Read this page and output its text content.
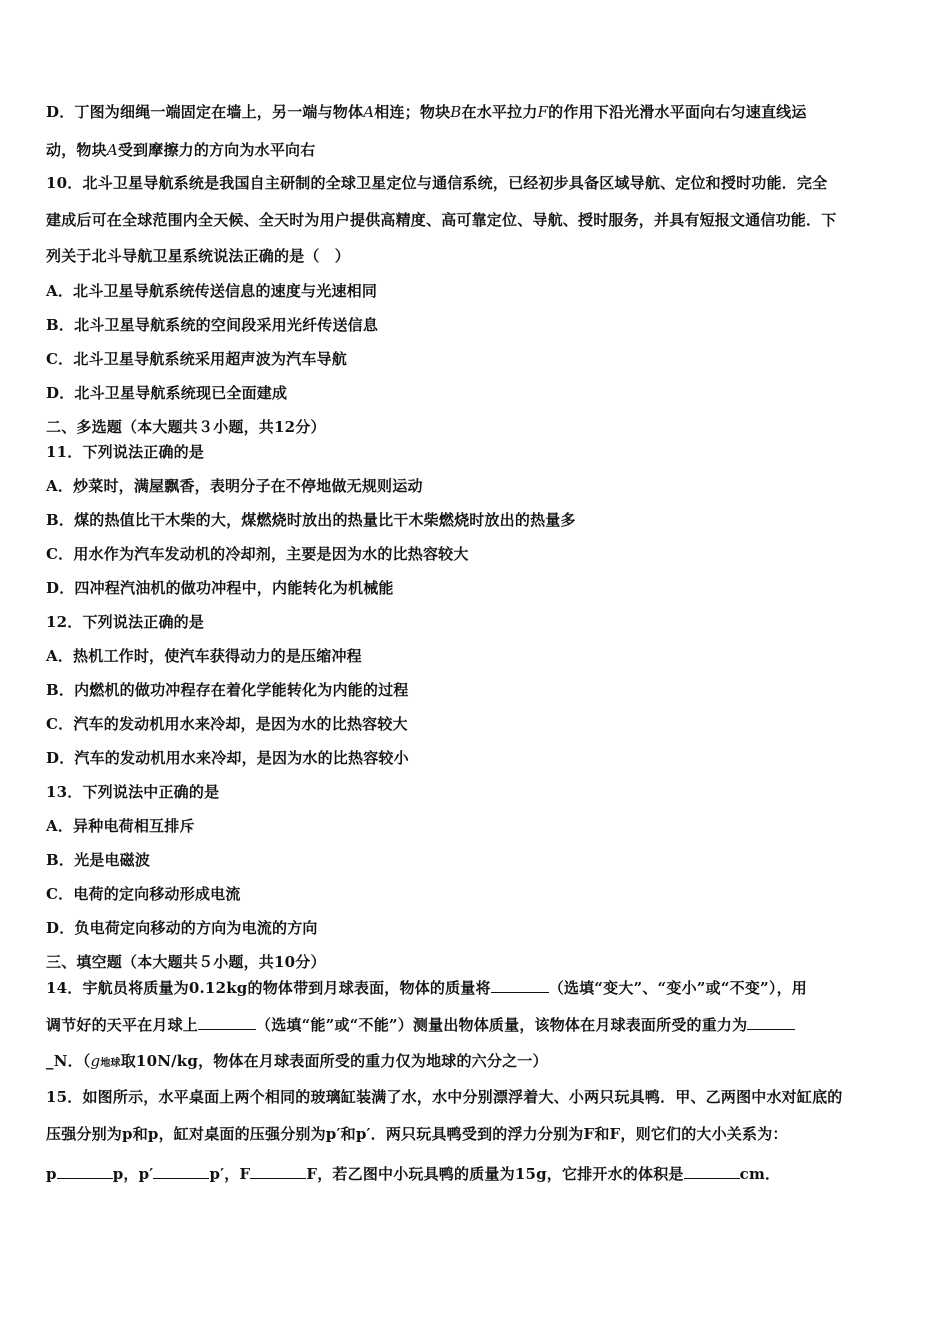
D．丁图为细绳一端固定在墙上，另一端与物体A相连；物块B在水平拉力F的作用下沿光滑水平面向右匀速直线运
动，物块A受到摩擦力的方向为水平向右
10．北斗卫星导航系统是我国自主研制的全球卫星定位与通信系统，已经初步具备区域导航、定位和授时功能．完全
建成后可在全球范围内全天候、全天时为用户提供高精度、高可靠定位、导航、授时服务，并具有短报文通信功能．下
列关于北斗导航卫星系统说法正确的是（　）
A．北斗卫星导航系统传送信息的速度与光速相同
B．北斗卫星导航系统的空间段采用光纤传送信息
C．北斗卫星导航系统采用超声波为汽车导航
D．北斗卫星导航系统现已全面建成
二、多选题（本大题共３小题，共12分）
11．下列说法正确的是
A．炒菜时，满屋飘香，表明分子在不停地做无规则运动
B．煤的热值比干木柴的大，煤燃烧时放出的热量比干木柴燃烧时放出的热量多
C．用水作为汽车发动机的冷却剂，主要是因为水的比热容较大
D．四冲程汽油机的做功冲程中，内能转化为机械能
12．下列说法正确的是
A．热机工作时，使汽车获得动力的是压缩冲程
B．内燃机的做功冲程存在着化学能转化为内能的过程
C．汽车的发动机用水来冷却，是因为水的比热容较大
D．汽车的发动机用水来冷却，是因为水的比热容较小
13．下列说法中正确的是
A．异种电荷相互排斥
B．光是电磁波
C．电荷的定向移动形成电流
D．负电荷定向移动的方向为电流的方向
三、填空题（本大题共５小题，共10分）
14．宇航员将质量为0.12kg的物体带到月球表面，物体的质量将	（选填“变大”、“变小”或“不变”），用
调节好的天平在月球上	（选填“能”或“不能”）测量出物体质量，该物体在月球表面所受的重力为
_N．（g地球取10N/kg，物体在月球表面所受的重力仅为地球的六分之一）
15．如图所示，水平桌面上两个相同的玻璃缸装满了水，水中分别漂浮着大、小两只玩具鸭．甲、乙两图中水对缸底的
压强分别为p和p，缸对桌面的压强分别为p′和p′．两只玩具鸭受到的浮力分别为F和F，则它们的大小关系为：
p	p，p′	p′，F	F，若乙图中小玩具鸭的质量为15g，它排开水的体积是	cm．
